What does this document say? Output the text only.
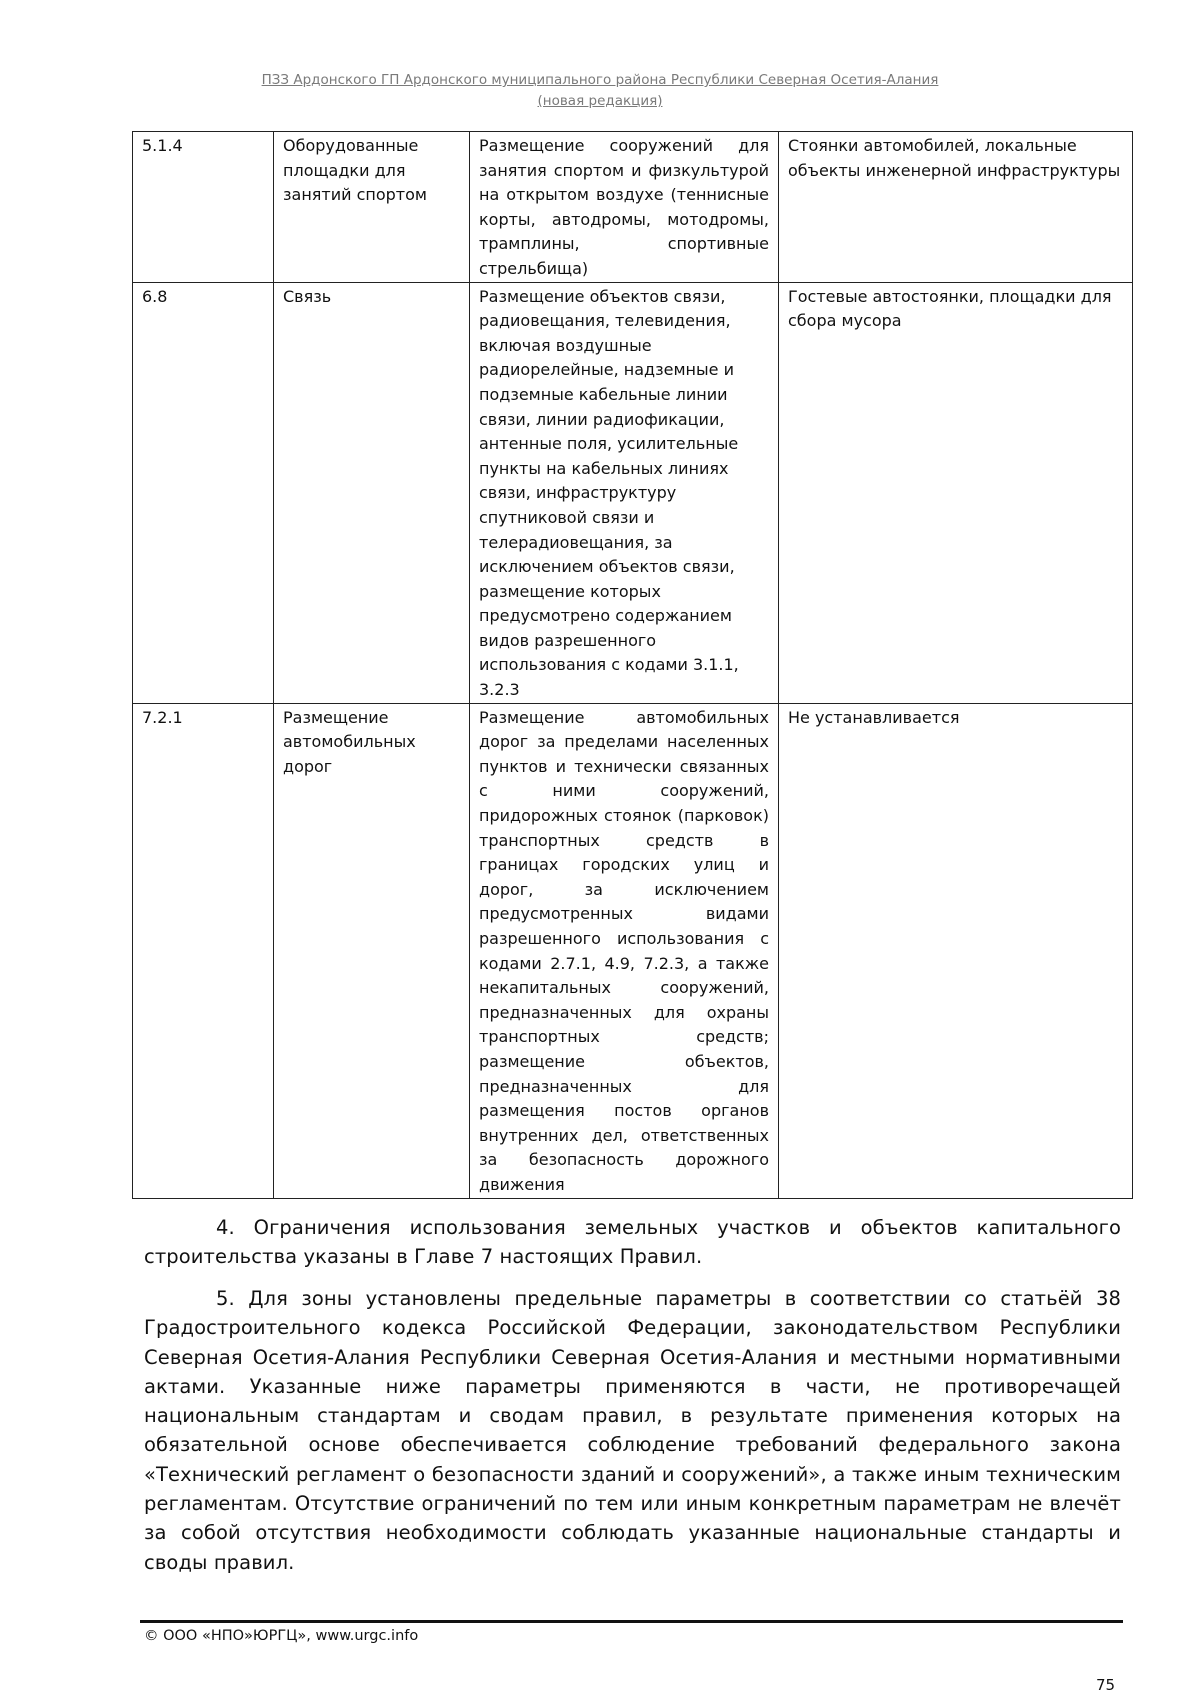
ПЗЗ Ардонского ГП Ардонского муниципального района Республики Северная Осетия-Алания
(новая редакция)
5.1.4	Оборудованные площадки для занятий спортом	Размещение сооружений для занятия спортом и физкультурой на открытом воздухе (теннисные корты, автодромы, мотодромы, трамплины, спортивные стрельбища)	Стоянки автомобилей, локальные объекты инженерной инфраструктуры
6.8	Связь	Размещение объектов связи, радиовещания, телевидения, включая воздушные радиорелейные, надземные и подземные кабельные линии связи, линии радиофикации, антенные поля, усилительные пункты на кабельных линиях связи, инфраструктуру спутниковой связи и телерадиовещания, за исключением объектов связи, размещение которых предусмотрено содержанием видов разрешенного использования с кодами 3.1.1, 3.2.3	Гостевые автостоянки, площадки для сбора мусора
7.2.1	Размещение автомобильных дорог	Размещение автомобильных дорог за пределами населенных пунктов и технически связанных с ними сооружений, придорожных стоянок (парковок) транспортных средств в границах городских улиц и дорог, за исключением предусмотренных видами разрешенного использования с кодами 2.7.1, 4.9, 7.2.3, а также некапитальных сооружений, предназначенных для охраны транспортных средств; размещение объектов, предназначенных для размещения постов органов внутренних дел, ответственных за безопасность дорожного движения	Не устанавливается
4. Ограничения использования земельных участков и объектов капитального строительства указаны в Главе 7 настоящих Правил.
5. Для зоны установлены предельные параметры в соответствии со статьёй 38 Градостроительного кодекса Российской Федерации, законодательством Республики Северная Осетия-Алания Республики Северная Осетия-Алания и местными нормативными актами. Указанные ниже параметры применяются в части, не противоречащей национальным стандартам и сводам правил, в результате применения которых на обязательной основе обеспечивается соблюдение требований федерального закона «Технический регламент о безопасности зданий и сооружений», а также иным техническим регламентам. Отсутствие ограничений по тем или иным конкретным параметрам не влечёт за собой отсутствия необходимости соблюдать указанные национальные стандарты и своды правил.
© ООО «НПО»ЮРГЦ», www.urgc.info
75
